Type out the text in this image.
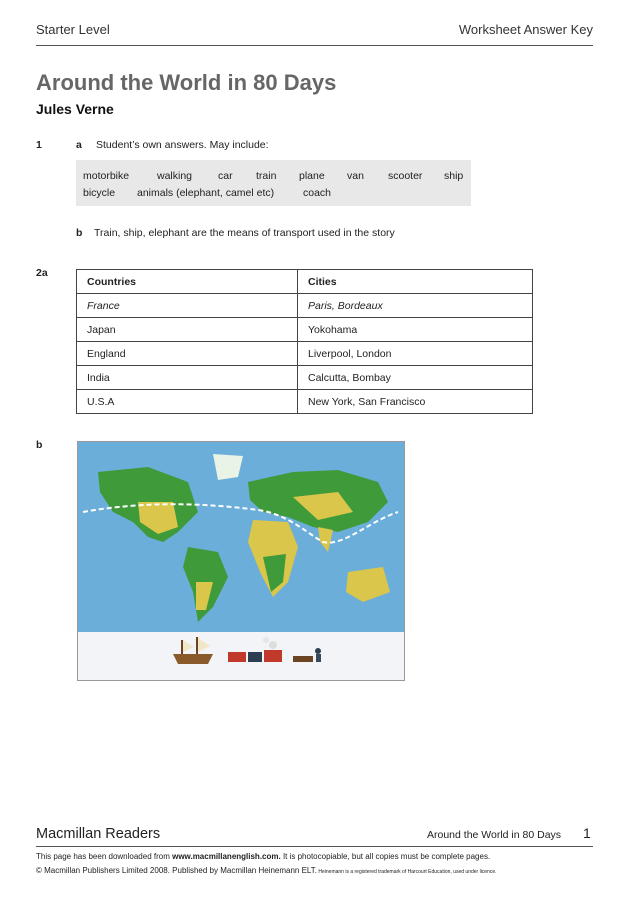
Starter Level	Worksheet Answer Key
Around the World in 80 Days
Jules Verne
1	a Student’s own answers. May include:
motorbike	walking car train plane van scooter ship
bicycle animals (elephant, camel etc)	coach
b Train, ship, elephant are the means of transport used in the story
2a
Countries	Cities
France	Paris, Bordeaux
Japan	Yokohama
England	Liverpool, London
India	Calcutta, Bombay
U.S.A	New York, San Francisco
b
Macmillan Readers	Around the World in 80 Days 1
This page has been downloaded from www.macmillanenglish.com. It is photocopiable, but all copies must be complete pages.
© Macmillan Publishers Limited 2008. Published by Macmillan Heinemann ELT. Heinemann is a registered trademark of Harcourt Education, used under licence.
